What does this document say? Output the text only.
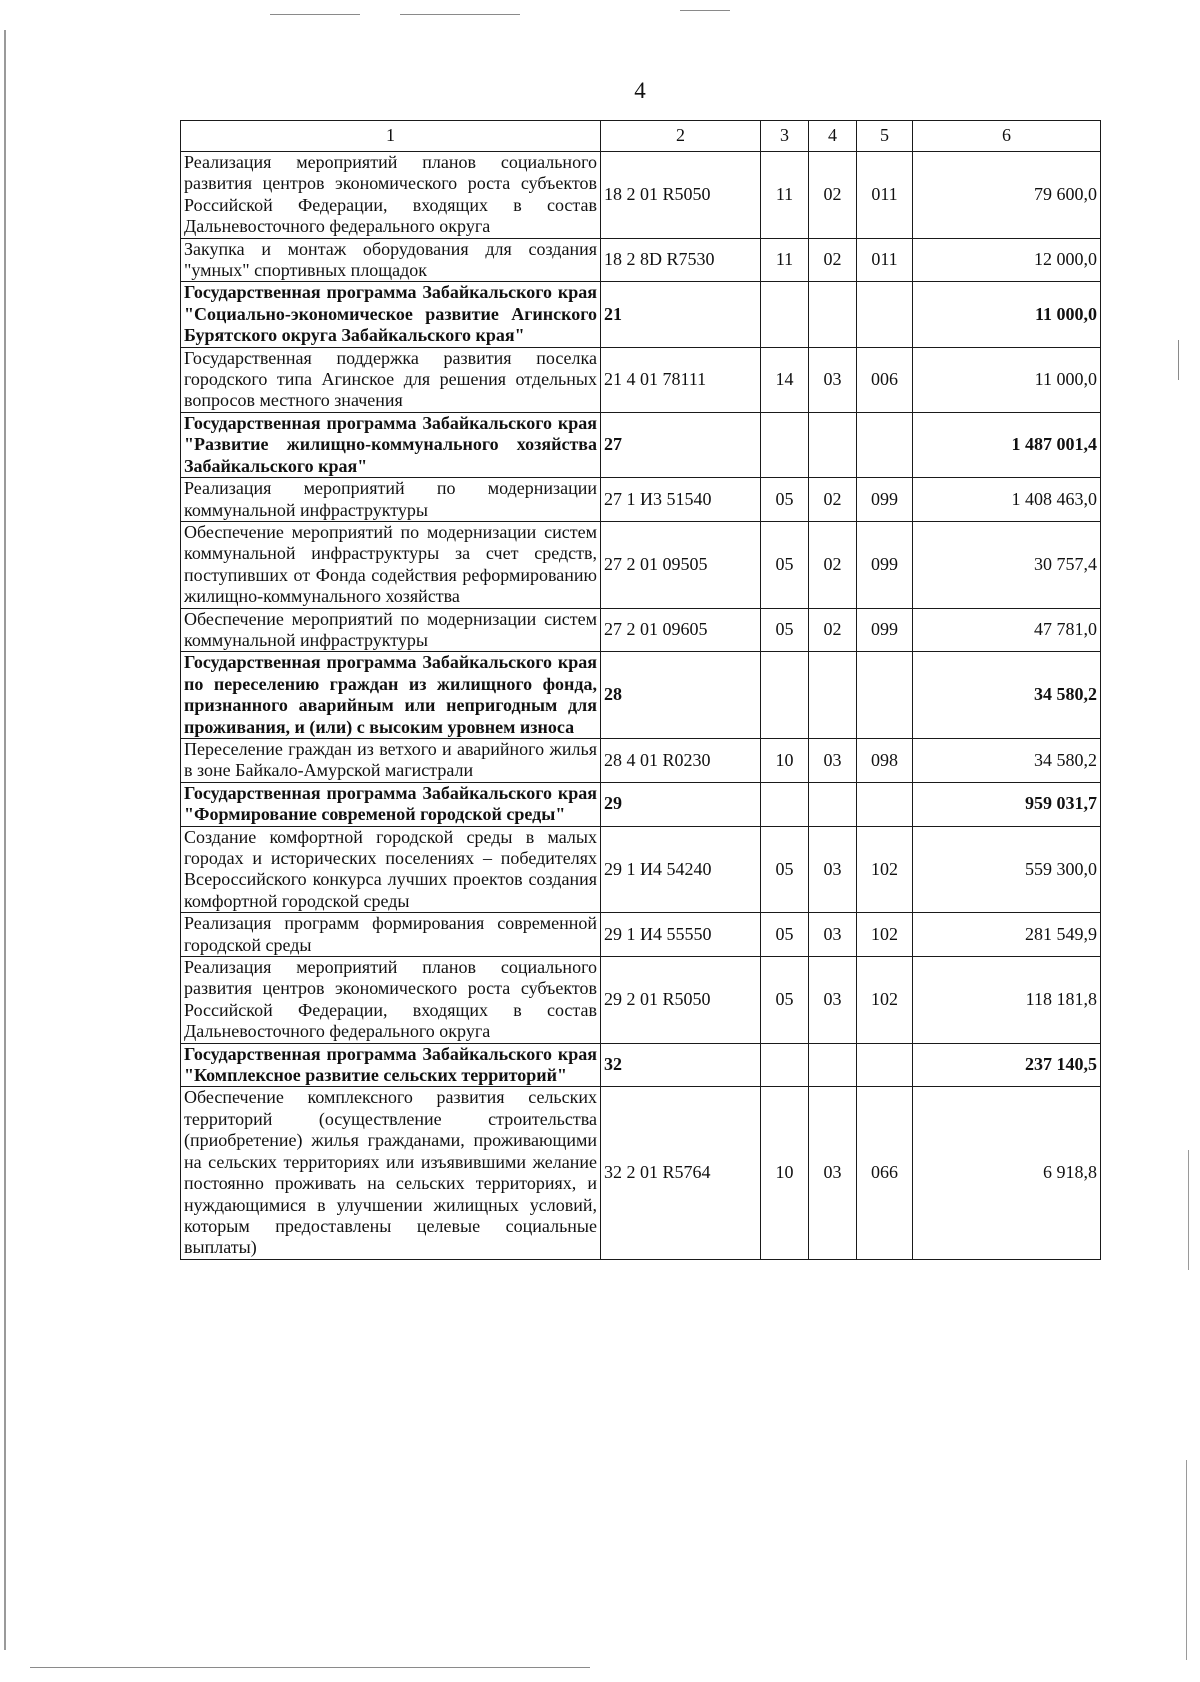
4
1	2	3	4	5	6
Реализация мероприятий планов социального развития центров экономического роста субъектов Российской Федерации, входящих в состав Дальневосточного федерального округа	18 2 01 R5050	11	02	011	79 600,0
Закупка и монтаж оборудования для создания "умных" спортивных площадок	18 2 8D R7530	11	02	011	12 000,0
Государственная программа Забайкальского края "Социально-экономическое развитие Агинского Бурятского округа Забайкальского края"	21				11 000,0
Государственная поддержка развития поселка городского типа Агинское для решения отдельных вопросов местного значения	21 4 01 78111	14	03	006	11 000,0
Государственная программа Забайкальского края "Развитие жилищно-коммунального хозяйства Забайкальского края"	27				1 487 001,4
Реализация мероприятий по модернизации коммунальной инфраструктуры	27 1 И3 51540	05	02	099	1 408 463,0
Обеспечение мероприятий по модернизации систем коммунальной инфраструктуры за счет средств, поступивших от Фонда содействия реформированию жилищно-коммунального хозяйства	27 2 01 09505	05	02	099	30 757,4
Обеспечение мероприятий по модернизации систем коммунальной инфраструктуры	27 2 01 09605	05	02	099	47 781,0
Государственная программа Забайкальского края по переселению граждан из жилищного фонда, признанного аварийным или непригодным для проживания, и (или) с высоким уровнем износа	28				34 580,2
Переселение граждан из ветхого и аварийного жилья в зоне Байкало-Амурской магистрали	28 4 01 R0230	10	03	098	34 580,2
Государственная программа Забайкальского края "Формирование современой городской среды"	29				959 031,7
Создание комфортной городской среды в малых городах и исторических поселениях – победителях Всероссийского конкурса лучших проектов создания комфортной городской среды	29 1 И4 54240	05	03	102	559 300,0
Реализация программ формирования современной городской среды	29 1 И4 55550	05	03	102	281 549,9
Реализация мероприятий планов социального развития центров экономического роста субъектов Российской Федерации, входящих в состав Дальневосточного федерального округа	29 2 01 R5050	05	03	102	118 181,8
Государственная программа Забайкальского края "Комплексное развитие сельских территорий"	32				237 140,5
Обеспечение комплексного развития сельских территорий (осуществление строительства (приобретение) жилья гражданами, проживающими на сельских территориях или изъявившими желание постоянно проживать на сельских территориях, и нуждающимися в улучшении жилищных условий, которым предоставлены целевые социальные выплаты)	32 2 01 R5764	10	03	066	6 918,8
